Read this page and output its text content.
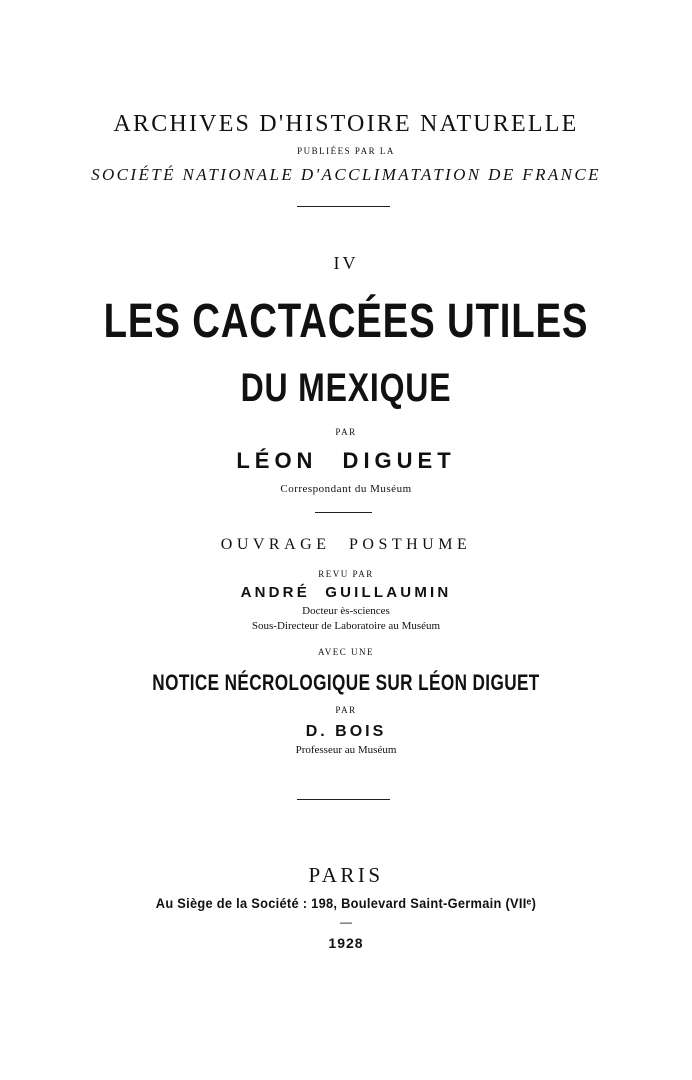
ARCHIVES D'HISTOIRE NATURELLE
PUBLIÉES PAR LA
SOCIÉTÉ NATIONALE D'ACCLIMATATION DE FRANCE
IV
LES CACTACÉES UTILES
DU MEXIQUE
PAR
LÉON DIGUET
Correspondant du Muséum
OUVRAGE POSTHUME
REVU PAR
ANDRÉ GUILLAUMIN
Docteur ès-sciences
Sous-Directeur de Laboratoire au Muséum
AVEC UNE
NOTICE NÉCROLOGIQUE SUR LÉON DIGUET
PAR
D. BOIS
Professeur au Muséum
PARIS
Au Siège de la Société : 198, Boulevard Saint-Germain (VIIᵉ)
—
1928
